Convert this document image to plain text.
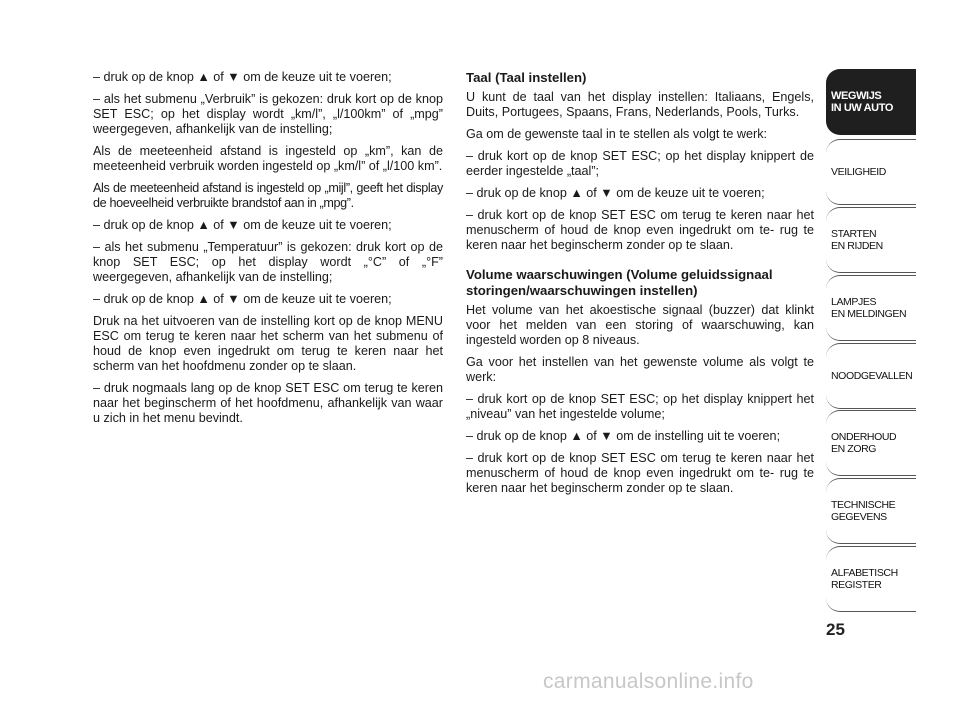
– druk op de knop ▲ of ▼ om de keuze uit te voeren;

– als het submenu „Verbruik” is gekozen: druk kort op de knop SET ESC; op het display wordt „km/l”, „l/100km” of „mpg” weergegeven, afhankelijk van de instelling;

Als de meeteenheid afstand is ingesteld op „km”, kan de meeteenheid verbruik worden ingesteld op „km/l” of „l/100 km”.

Als de meeteenheid afstand is ingesteld op „mijl”, geeft het display de hoeveelheid verbruikte brandstof aan in „mpg”.

– druk op de knop ▲ of ▼ om de keuze uit te voeren;

– als het submenu „Temperatuur” is gekozen: druk kort op de knop SET ESC; op het display wordt „°C” of „°F” weergegeven, afhankelijk van de instelling;

– druk op de knop ▲ of ▼ om de keuze uit te voeren;

Druk na het uitvoeren van de instelling kort op de knop MENU ESC om terug te keren naar het scherm van het submenu of houd de knop even ingedrukt om terug te keren naar het scherm van het hoofdmenu zonder op te slaan.

– druk nogmaals lang op de knop SET ESC om terug te keren naar het beginscherm of het hoofdmenu, afhankelijk van waar u zich in het menu bevindt.

Taal (Taal instellen)

U kunt de taal van het display instellen: Italiaans, Engels, Duits, Portugees, Spaans, Frans, Nederlands, Pools, Turks.

Ga om de gewenste taal in te stellen als volgt te werk:

– druk kort op de knop SET ESC; op het display knippert de eerder ingestelde „taal”;

– druk op de knop ▲ of ▼ om de keuze uit te voeren;

– druk kort op de knop SET ESC om terug te keren naar het menuscherm of houd de knop even ingedrukt om te- rug te keren naar het beginscherm zonder op te slaan.

Volume waarschuwingen (Volume geluidssignaal storingen/waarschuwingen instellen)

Het volume van het akoestische signaal (buzzer) dat klinkt voor het melden van een storing of waarschuwing, kan ingesteld worden op 8 niveaus.

Ga voor het instellen van het gewenste volume als volgt te werk:

– druk kort op de knop SET ESC; op het display knippert het „niveau” van het ingestelde volume;

– druk op de knop ▲ of ▼ om de instelling uit te voeren;

– druk kort op de knop SET ESC om terug te keren naar het menuscherm of houd de knop even ingedrukt om te- rug te keren naar het beginscherm zonder op te slaan.

WEGWIJS
IN UW AUTO
VEILIGHEID
STARTEN
EN RIJDEN
LAMPJES
EN MELDINGEN
NOODGEVALLEN
ONDERHOUD
EN ZORG
TECHNISCHE
GEGEVENS
ALFABETISCH
REGISTER
25
carmanualsonline.info
